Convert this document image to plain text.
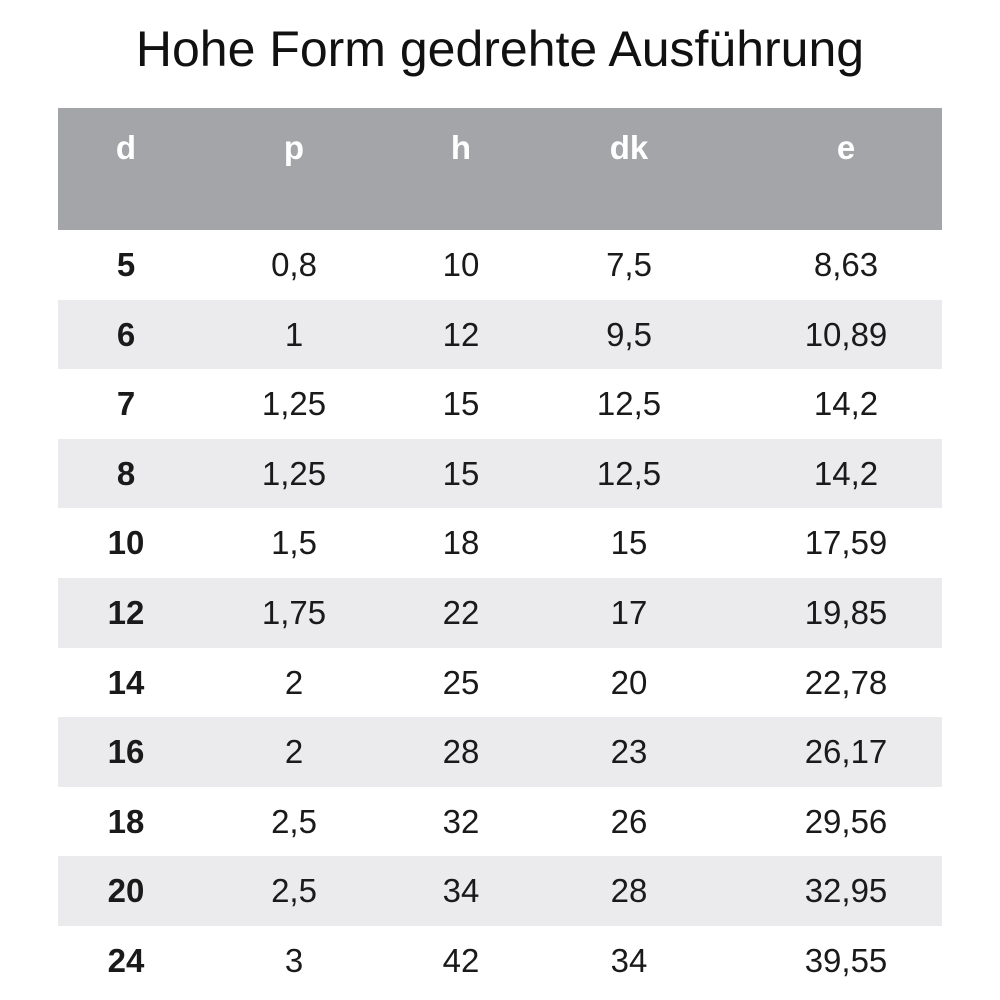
Hohe Form gedrehte Ausführung
d	p	h	dk	e
5	0,8	10	7,5	8,63
6	1	12	9,5	10,89
7	1,25	15	12,5	14,2
8	1,25	15	12,5	14,2
10	1,5	18	15	17,59
12	1,75	22	17	19,85
14	2	25	20	22,78
16	2	28	23	26,17
18	2,5	32	26	29,56
20	2,5	34	28	32,95
24	3	42	34	39,55
